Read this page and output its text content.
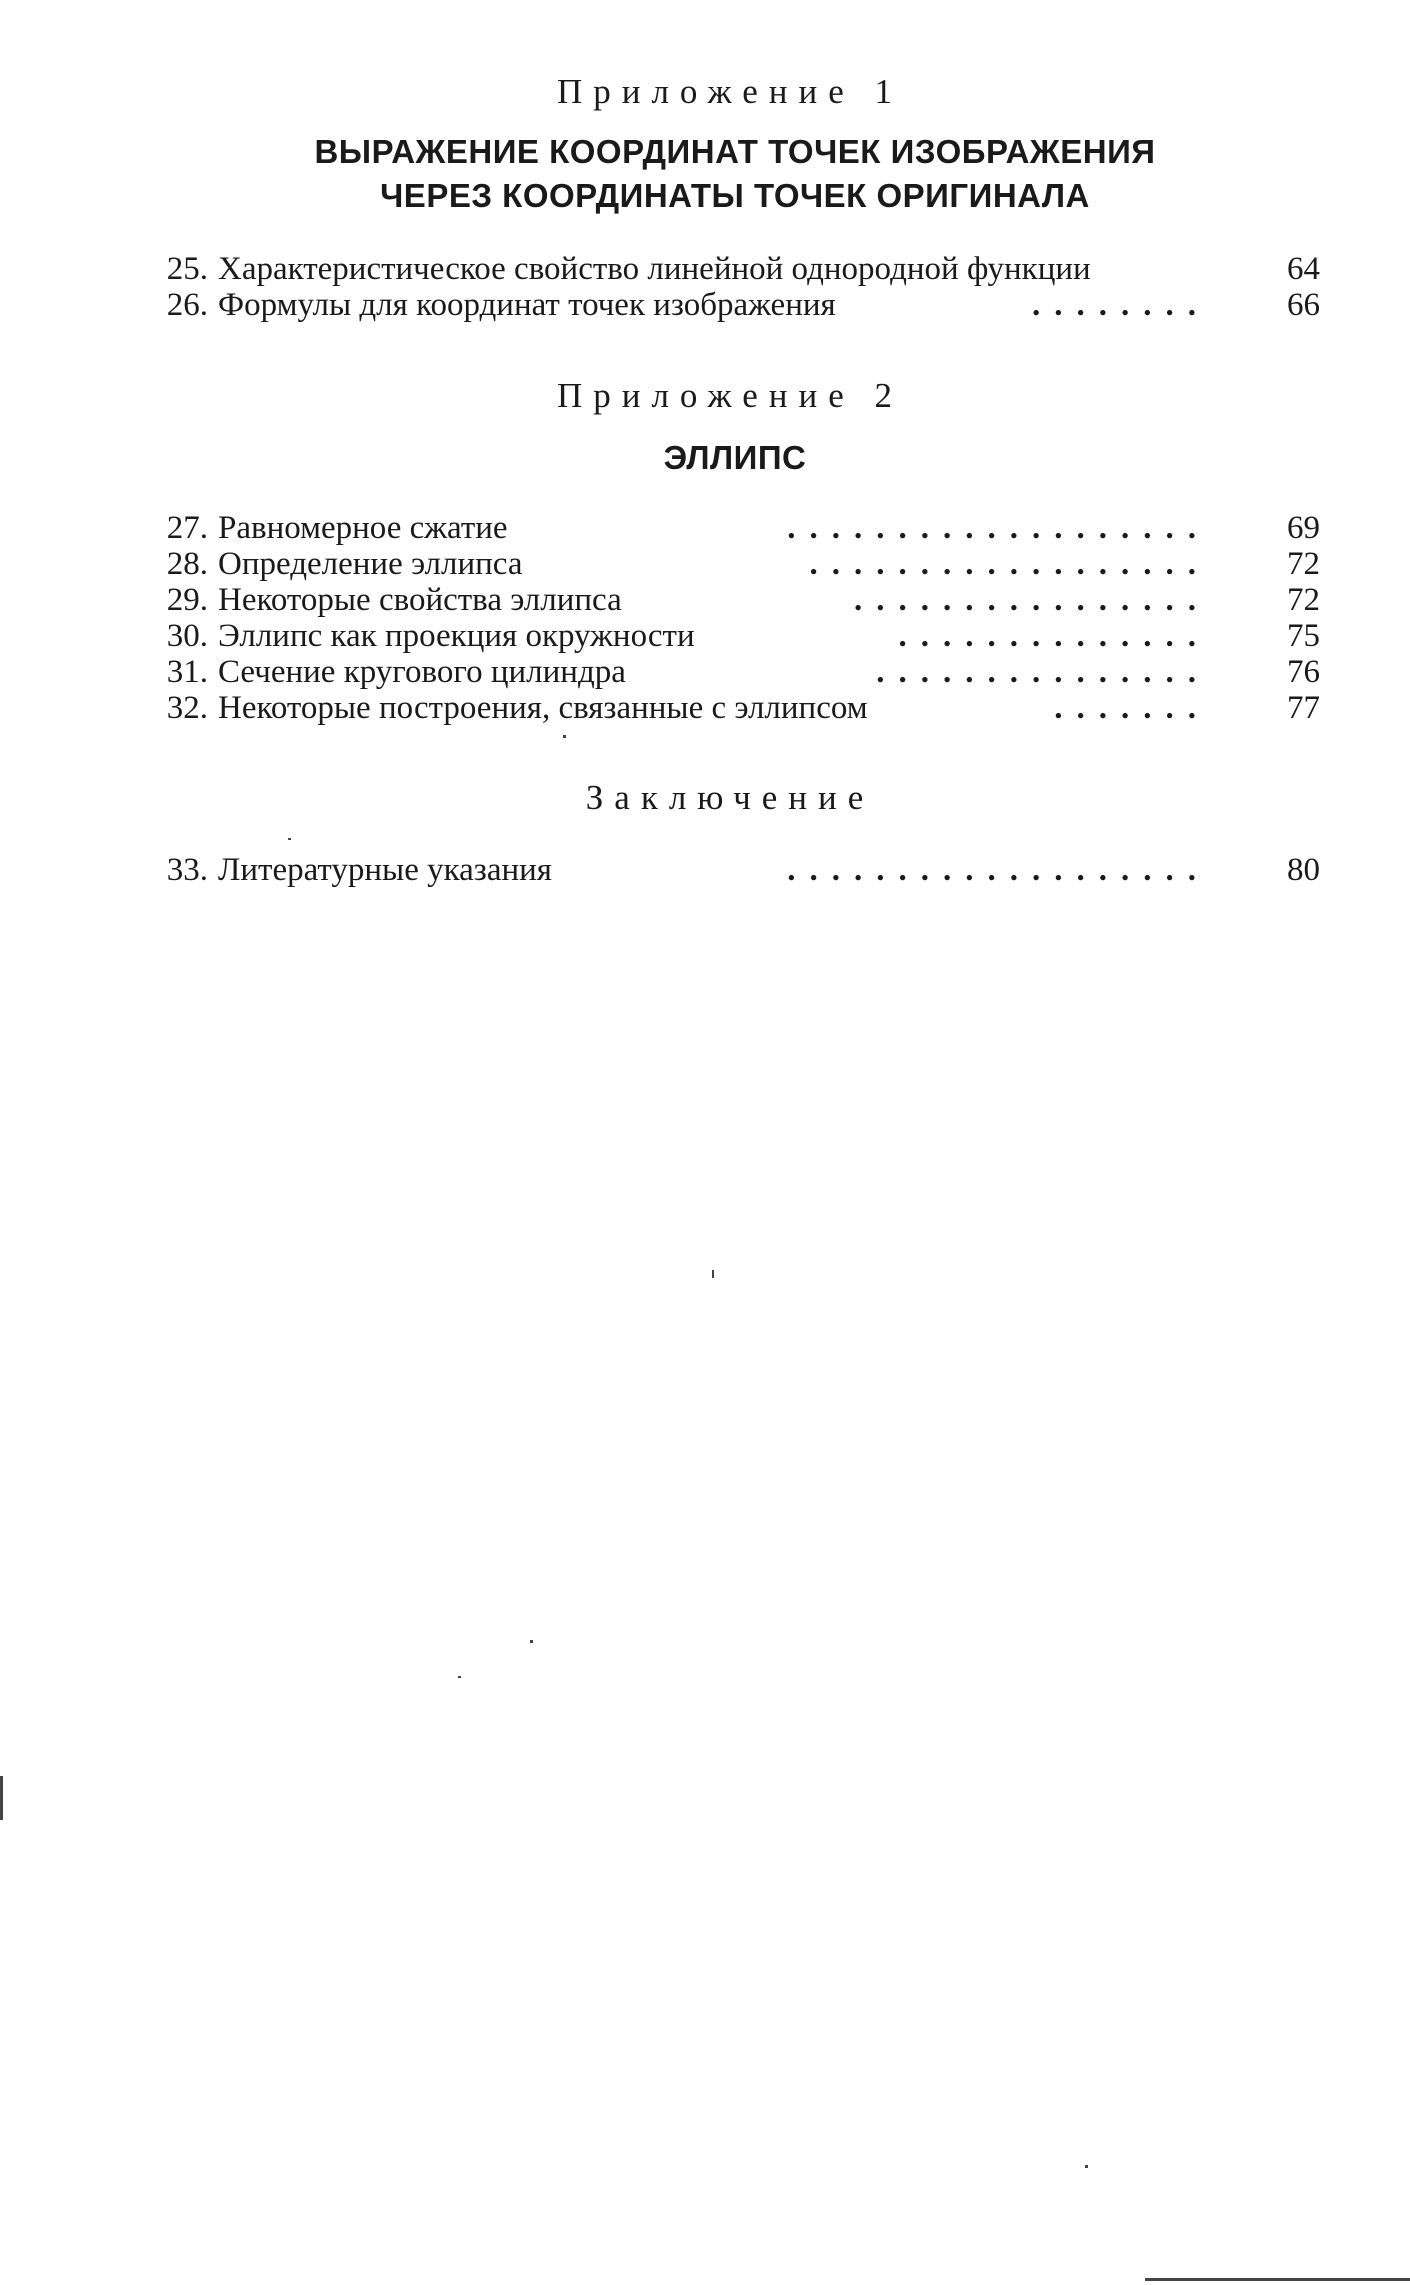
Приложение 1
ВЫРАЖЕНИЕ КООРДИНАТ ТОЧЕК ИЗОБРАЖЕНИЯ
ЧЕРЕЗ КООРДИНАТЫ ТОЧЕК ОРИГИНАЛА
25. Характеристическое свойство линейной однородной функции	64
26. Формулы для координат точек изображения	........	66
Приложение 2
ЭЛЛИПС
27. Равномерное сжатие	...................	69
28. Определение эллипса	..................	72
29. Некоторые свойства эллипса	................	72
30. Эллипс как проекция окружности	..............	75
31. Сечение кругового цилиндра	...............	76
32. Некоторые построения, связанные с эллипсом	.......	77
Заключение
33. Литературные указания	...................	80
